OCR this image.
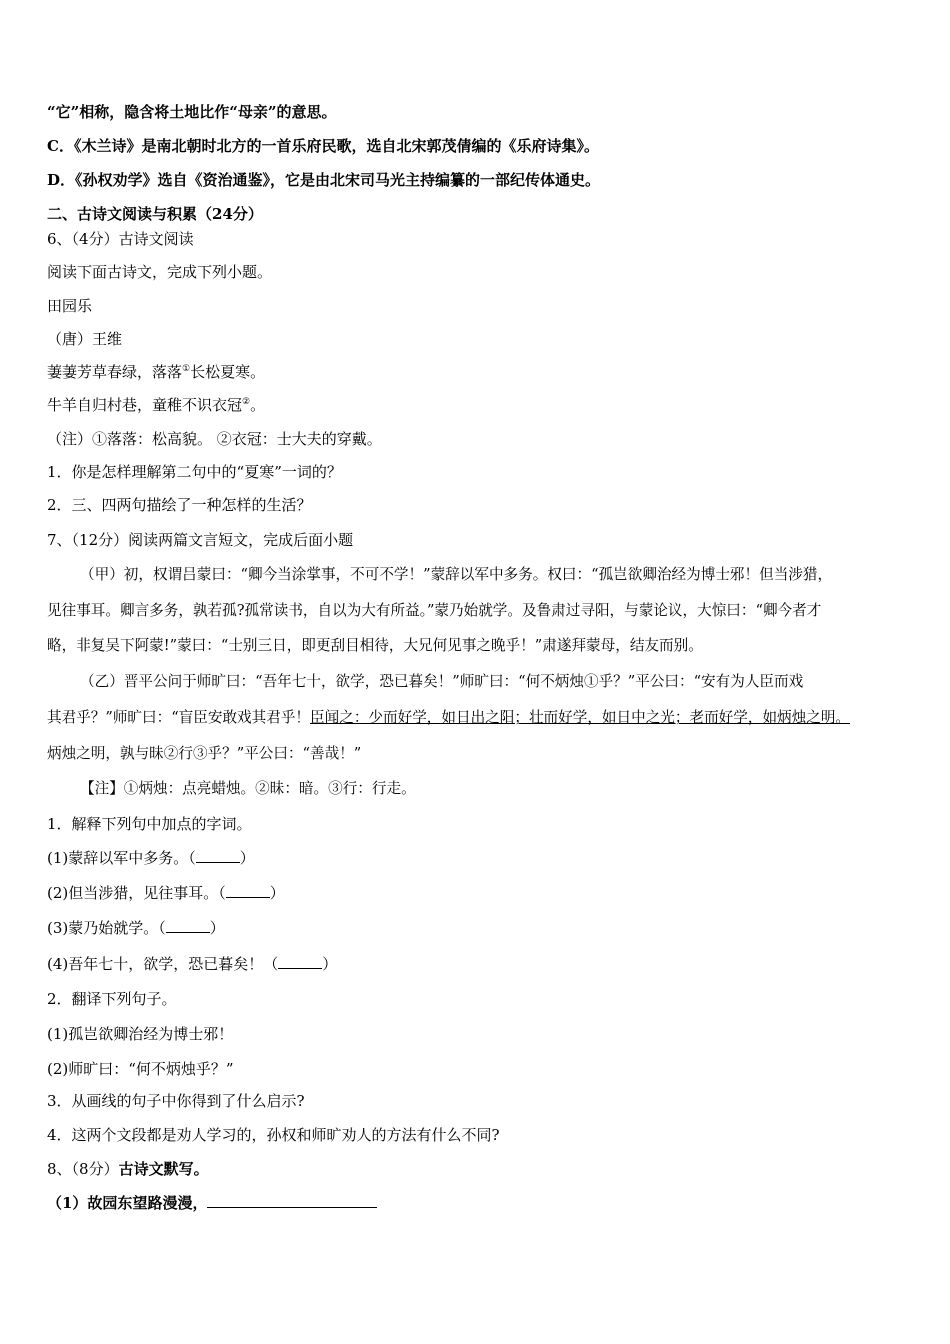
“它”相称，隐含将土地比作“母亲”的意思。
C．《木兰诗》是南北朝时北方的一首乐府民歌，选自北宋郭茂倩编的《乐府诗集》。
D．《孙权劝学》选自《资治通鉴》，它是由北宋司马光主持编纂的一部纪传体通史。
二、古诗文阅读与积累（24分）
6、（4分）古诗文阅读
阅读下面古诗文，完成下列小题。
田园乐
（唐）王维
萋萋芳草春绿，落落①长松夏寒。
牛羊自归村巷，童稚不识衣冠②。
（注）①落落：松高貌。 ②衣冠：士大夫的穿戴。
1．你是怎样理解第二句中的“夏寒”一词的？
2．三、四两句描绘了一种怎样的生活？
7、（12分）阅读两篇文言短文，完成后面小题
（甲）初，权谓吕蒙曰：“卿今当涂掌事，不可不学！”蒙辞以军中多务。权曰：“孤岂欲卿治经为博士邪！但当涉猎，
见往事耳。卿言多务，孰若孤?孤常读书，自以为大有所益。”蒙乃始就学。及鲁肃过寻阳，与蒙论议，大惊曰：“卿今者才
略，非复吴下阿蒙!”蒙曰：“士别三日，即更刮目相待，大兄何见事之晚乎！”肃遂拜蒙母，结友而别。
（乙）晋平公问于师旷曰：“吾年七十，欲学，恐已暮矣！”师旷曰：“何不炳烛①乎？”平公曰：“安有为人臣而戏
其君乎？”师旷曰：“盲臣安敢戏其君乎！臣闻之：少而好学，如日出之阳；壮而好学，如日中之光；老而好学，如炳烛之明。
炳烛之明，孰与昧②行③乎？”平公曰：“善哉！”
【注】①炳烛：点亮蜡烛。②昧：暗。③行：行走。
1．解释下列句中加点的字词。
(1)蒙辞以军中多务。（	）
(2)但当涉猎，见往事耳。（	）
(3)蒙乃始就学。（	）
(4)吾年七十，欲学，恐已暮矣！（	）
2．翻译下列句子。
(1)孤岂欲卿治经为博士邪！
(2)师旷曰：“何不炳烛乎？”
3．从画线的句子中你得到了什么启示?
4．这两个文段都是劝人学习的，孙权和师旷劝人的方法有什么不同?
8、（8分）古诗文默写。
（1）故园东望路漫漫，
